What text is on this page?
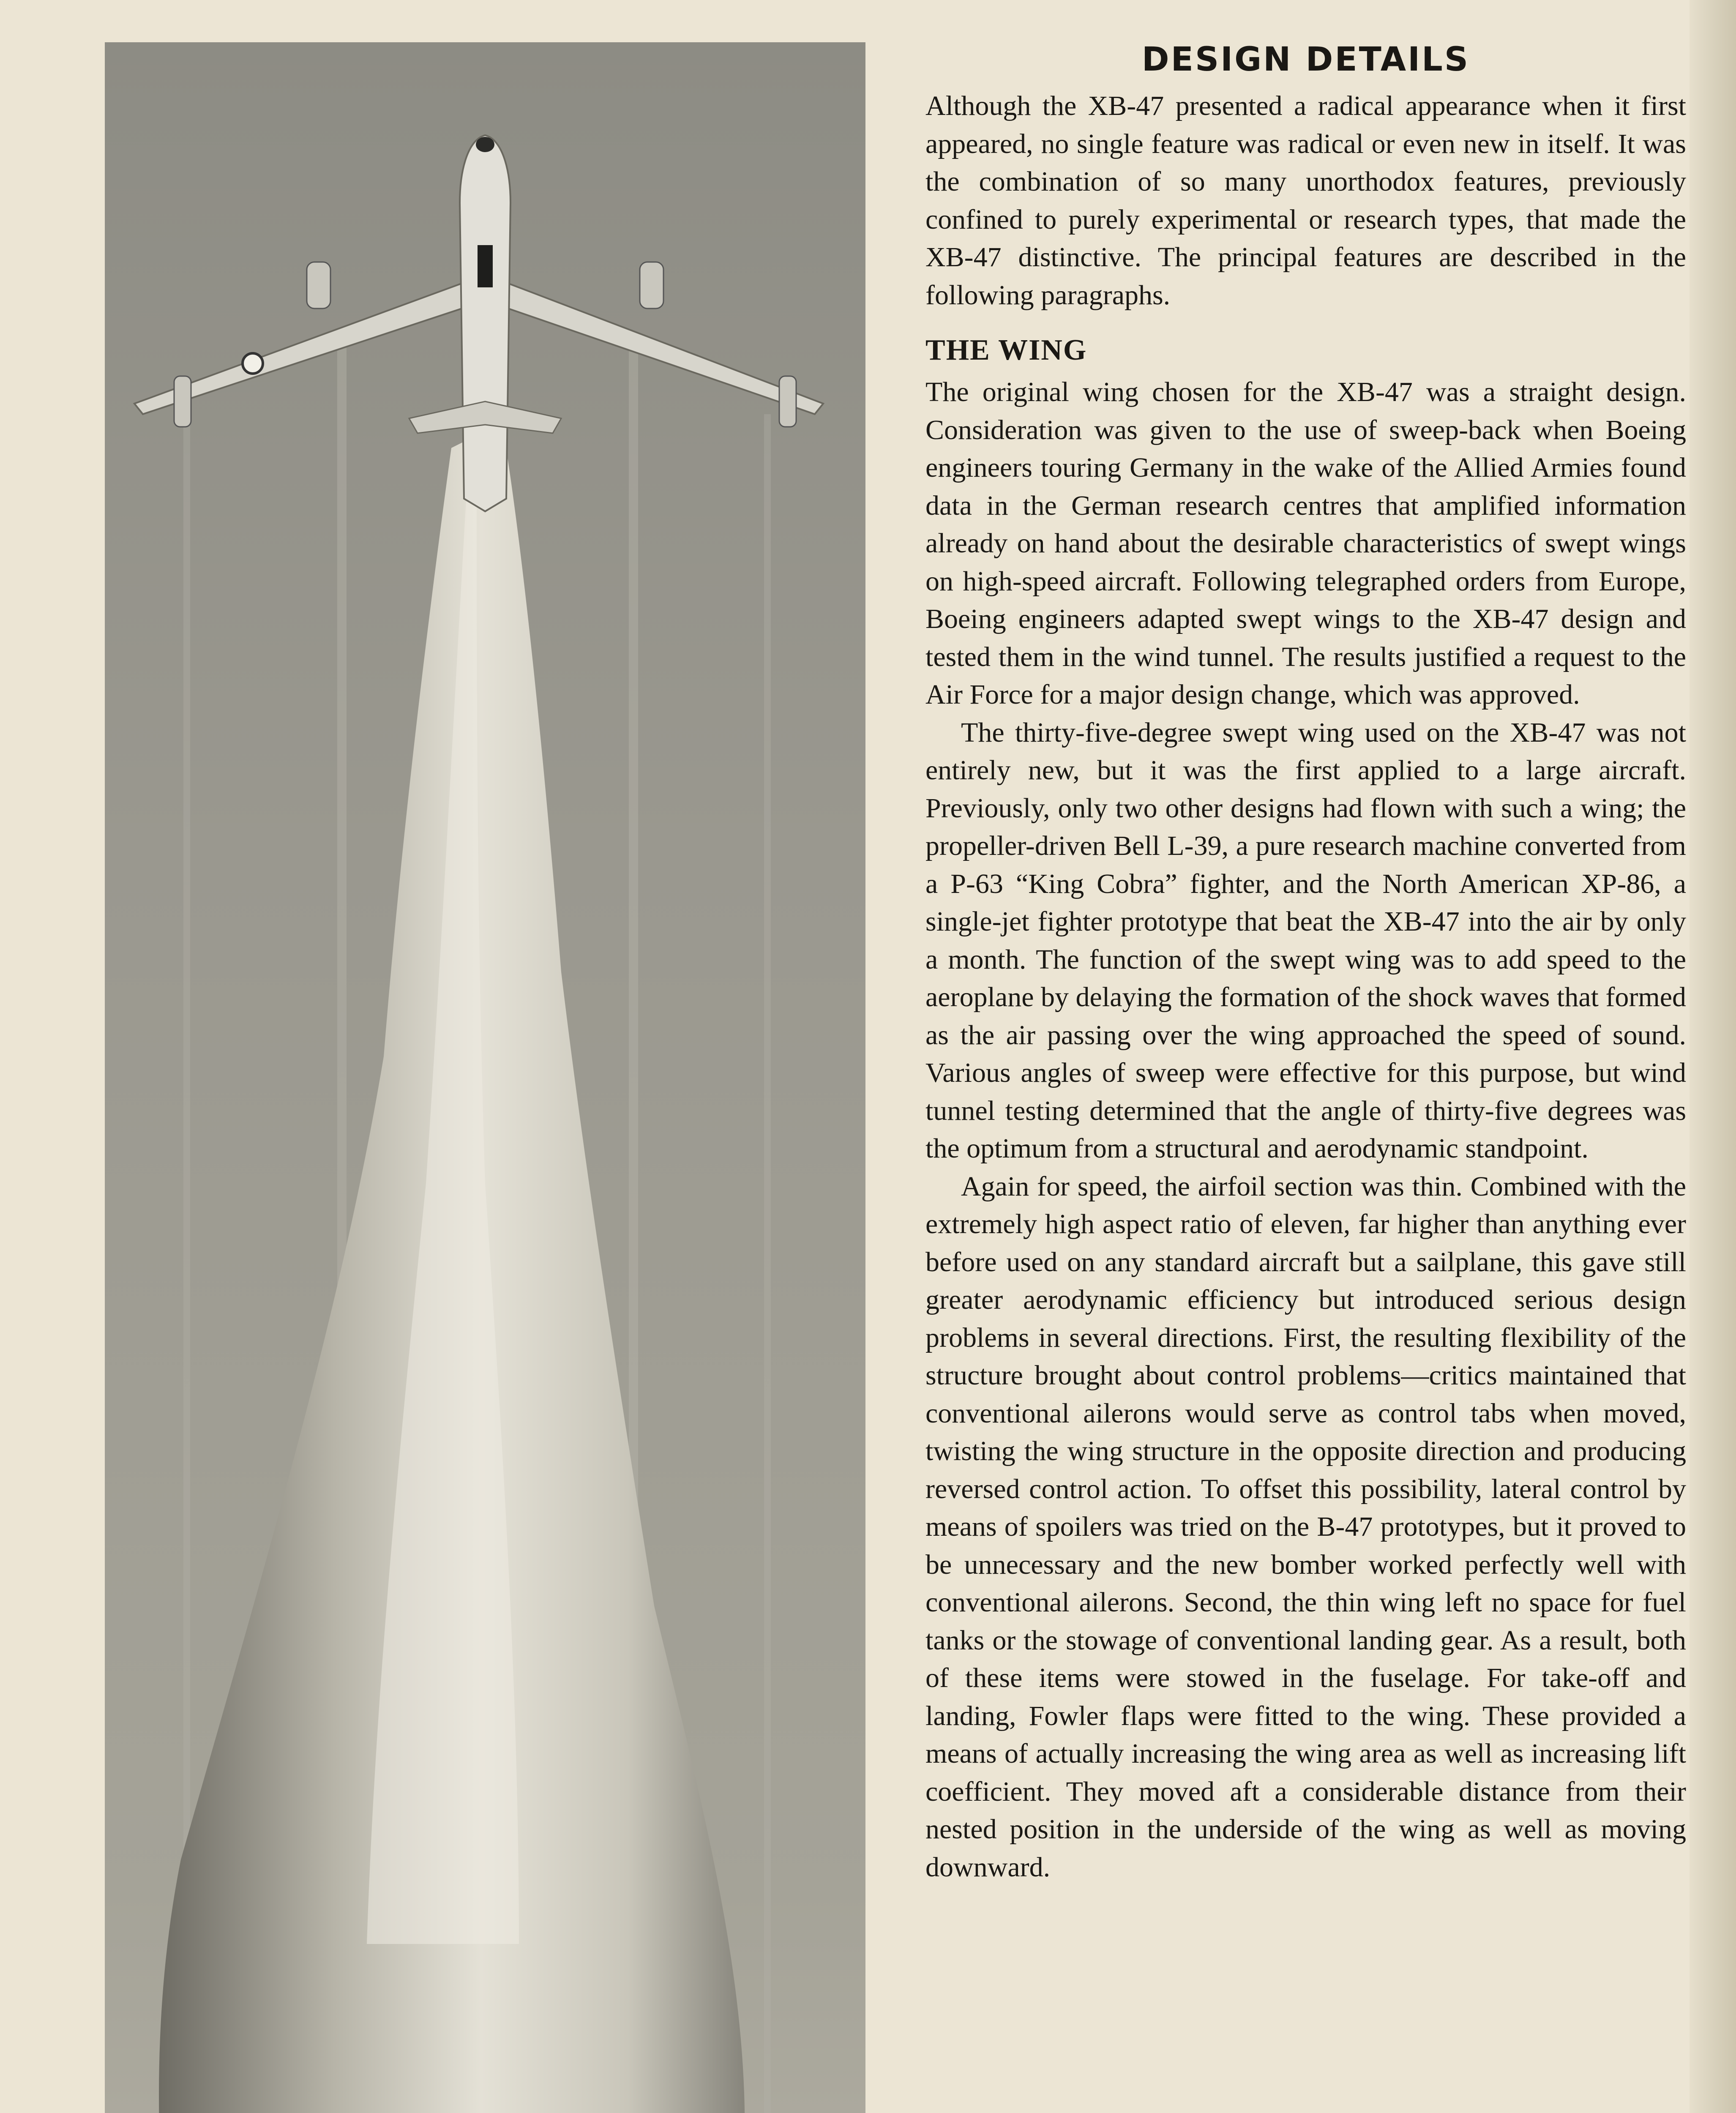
DESIGN DETAILS

Although the XB-47 presented a radical appearance when it first appeared, no single feature was radical or even new in itself. It was the combination of so many unorthodox features, previously confined to purely experimental or research types, that made the XB-47 distinctive. The principal features are described in the following paragraphs.

THE WING

The original wing chosen for the XB-47 was a straight design. Consideration was given to the use of sweep-back when Boeing engineers touring Germany in the wake of the Allied Armies found data in the German research centres that amplified information already on hand about the desirable characteristics of swept wings on high-speed aircraft. Following telegraphed orders from Europe, Boeing engineers adapted swept wings to the XB-47 design and tested them in the wind tunnel. The results justified a request to the Air Force for a major design change, which was approved.

The thirty-five-degree swept wing used on the XB-47 was not entirely new, but it was the first applied to a large aircraft. Previously, only two other designs had flown with such a wing; the propeller-driven Bell L-39, a pure research machine converted from a P-63 “King Cobra” fighter, and the North American XP-86, a single-jet fighter prototype that beat the XB-47 into the air by only a month. The function of the swept wing was to add speed to the aeroplane by delaying the formation of the shock waves that formed as the air passing over the wing approached the speed of sound. Various angles of sweep were effective for this purpose, but wind tunnel testing determined that the angle of thirty-five degrees was the optimum from a structural and aerodynamic standpoint.

Again for speed, the airfoil section was thin. Combined with the extremely high aspect ratio of eleven, far higher than anything ever before used on any standard aircraft but a sailplane, this gave still greater aerodynamic efficiency but introduced serious design problems in several directions. First, the resulting flexibility of the structure brought about control problems—critics maintained that conventional ailerons would serve as control tabs when moved, twisting the wing structure in the opposite direction and producing reversed control action. To offset this possibility, lateral control by means of spoilers was tried on the B-47 prototypes, but it proved to be unnecessary and the new bomber worked perfectly well with conventional ailerons. Second, the thin wing left no space for fuel tanks or the stowage of conventional landing gear. As a result, both of these items were stowed in the fuselage. For take-off and landing, Fowler flaps were fitted to the wing. These provided a means of actually increasing the wing area as well as increasing lift coefficient. They moved aft a considerable distance from their nested position in the underside of the wing as well as moving downward.
